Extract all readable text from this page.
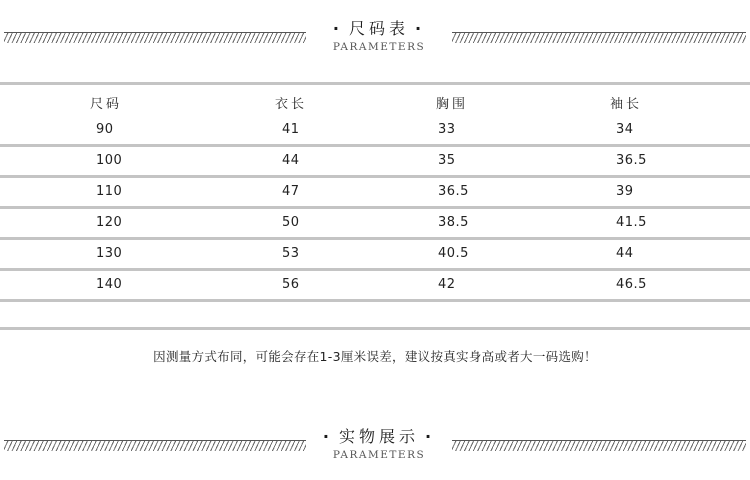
· 尺码表 ·
PARAMETERS
尺码	衣长	胸围	袖长
90	41	33	34
100	44	35	36.5
110	47	36.5	39
120	50	38.5	41.5
130	53	40.5	44
140	56	42	46.5
因测量方式布同，可能会存在1-3厘米误差，建议按真实身高或者大一码选购！
· 实物展示 ·
PARAMETERS
